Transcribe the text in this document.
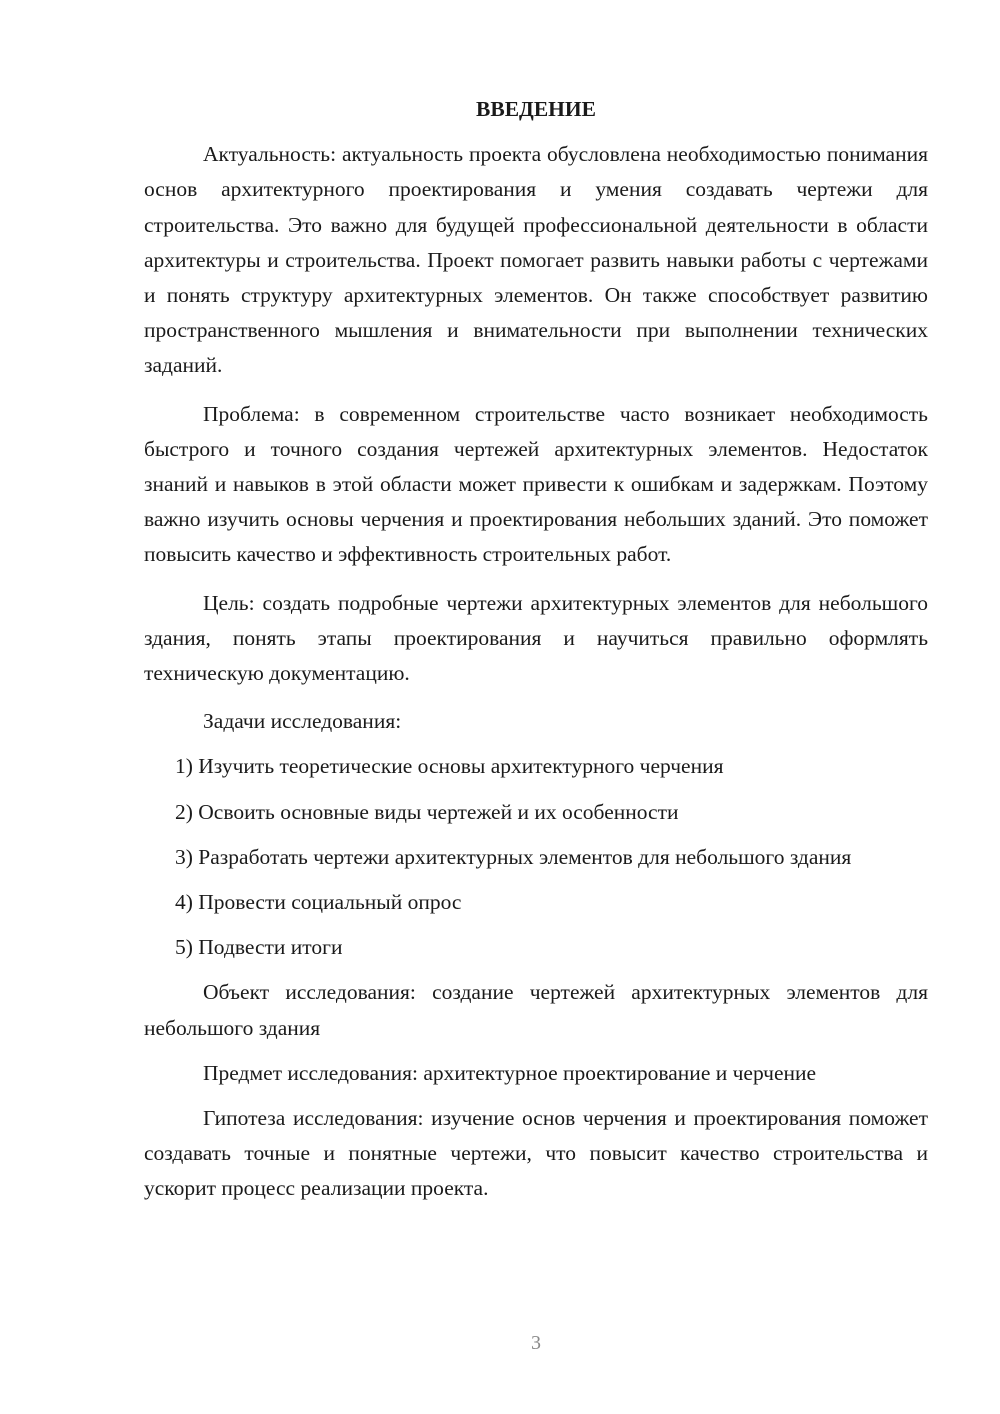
ВВЕДЕНИЕ

Актуальность: актуальность проекта обусловлена необходимостью понимания основ архитектурного проектирования и умения создавать чертежи для строительства. Это важно для будущей профессиональной деятельности в области архитектуры и строительства. Проект помогает развить навыки работы с чертежами и понять структуру архитектурных элементов. Он также способствует развитию пространственного мышления и внимательности при выполнении технических заданий.

Проблема: в современном строительстве часто возникает необходимость быстрого и точного создания чертежей архитектурных элементов. Недостаток знаний и навыков в этой области может привести к ошибкам и задержкам. Поэтому важно изучить основы черчения и проектирования небольших зданий. Это поможет повысить качество и эффективность строительных работ.

Цель: создать подробные чертежи архитектурных элементов для небольшого здания, понять этапы проектирования и научиться правильно оформлять техническую документацию.

Задачи исследования:

1) Изучить теоретические основы архитектурного черчения

2) Освоить основные виды чертежей и их особенности

3) Разработать чертежи архитектурных элементов для небольшого здания

4) Провести социальный опрос

5) Подвести итоги

Объект исследования: создание чертежей архитектурных элементов для небольшого здания

Предмет исследования: архитектурное проектирование и черчение

Гипотеза исследования: изучение основ черчения и проектирования поможет создавать точные и понятные чертежи, что повысит качество строительства и ускорит процесс реализации проекта.

3
